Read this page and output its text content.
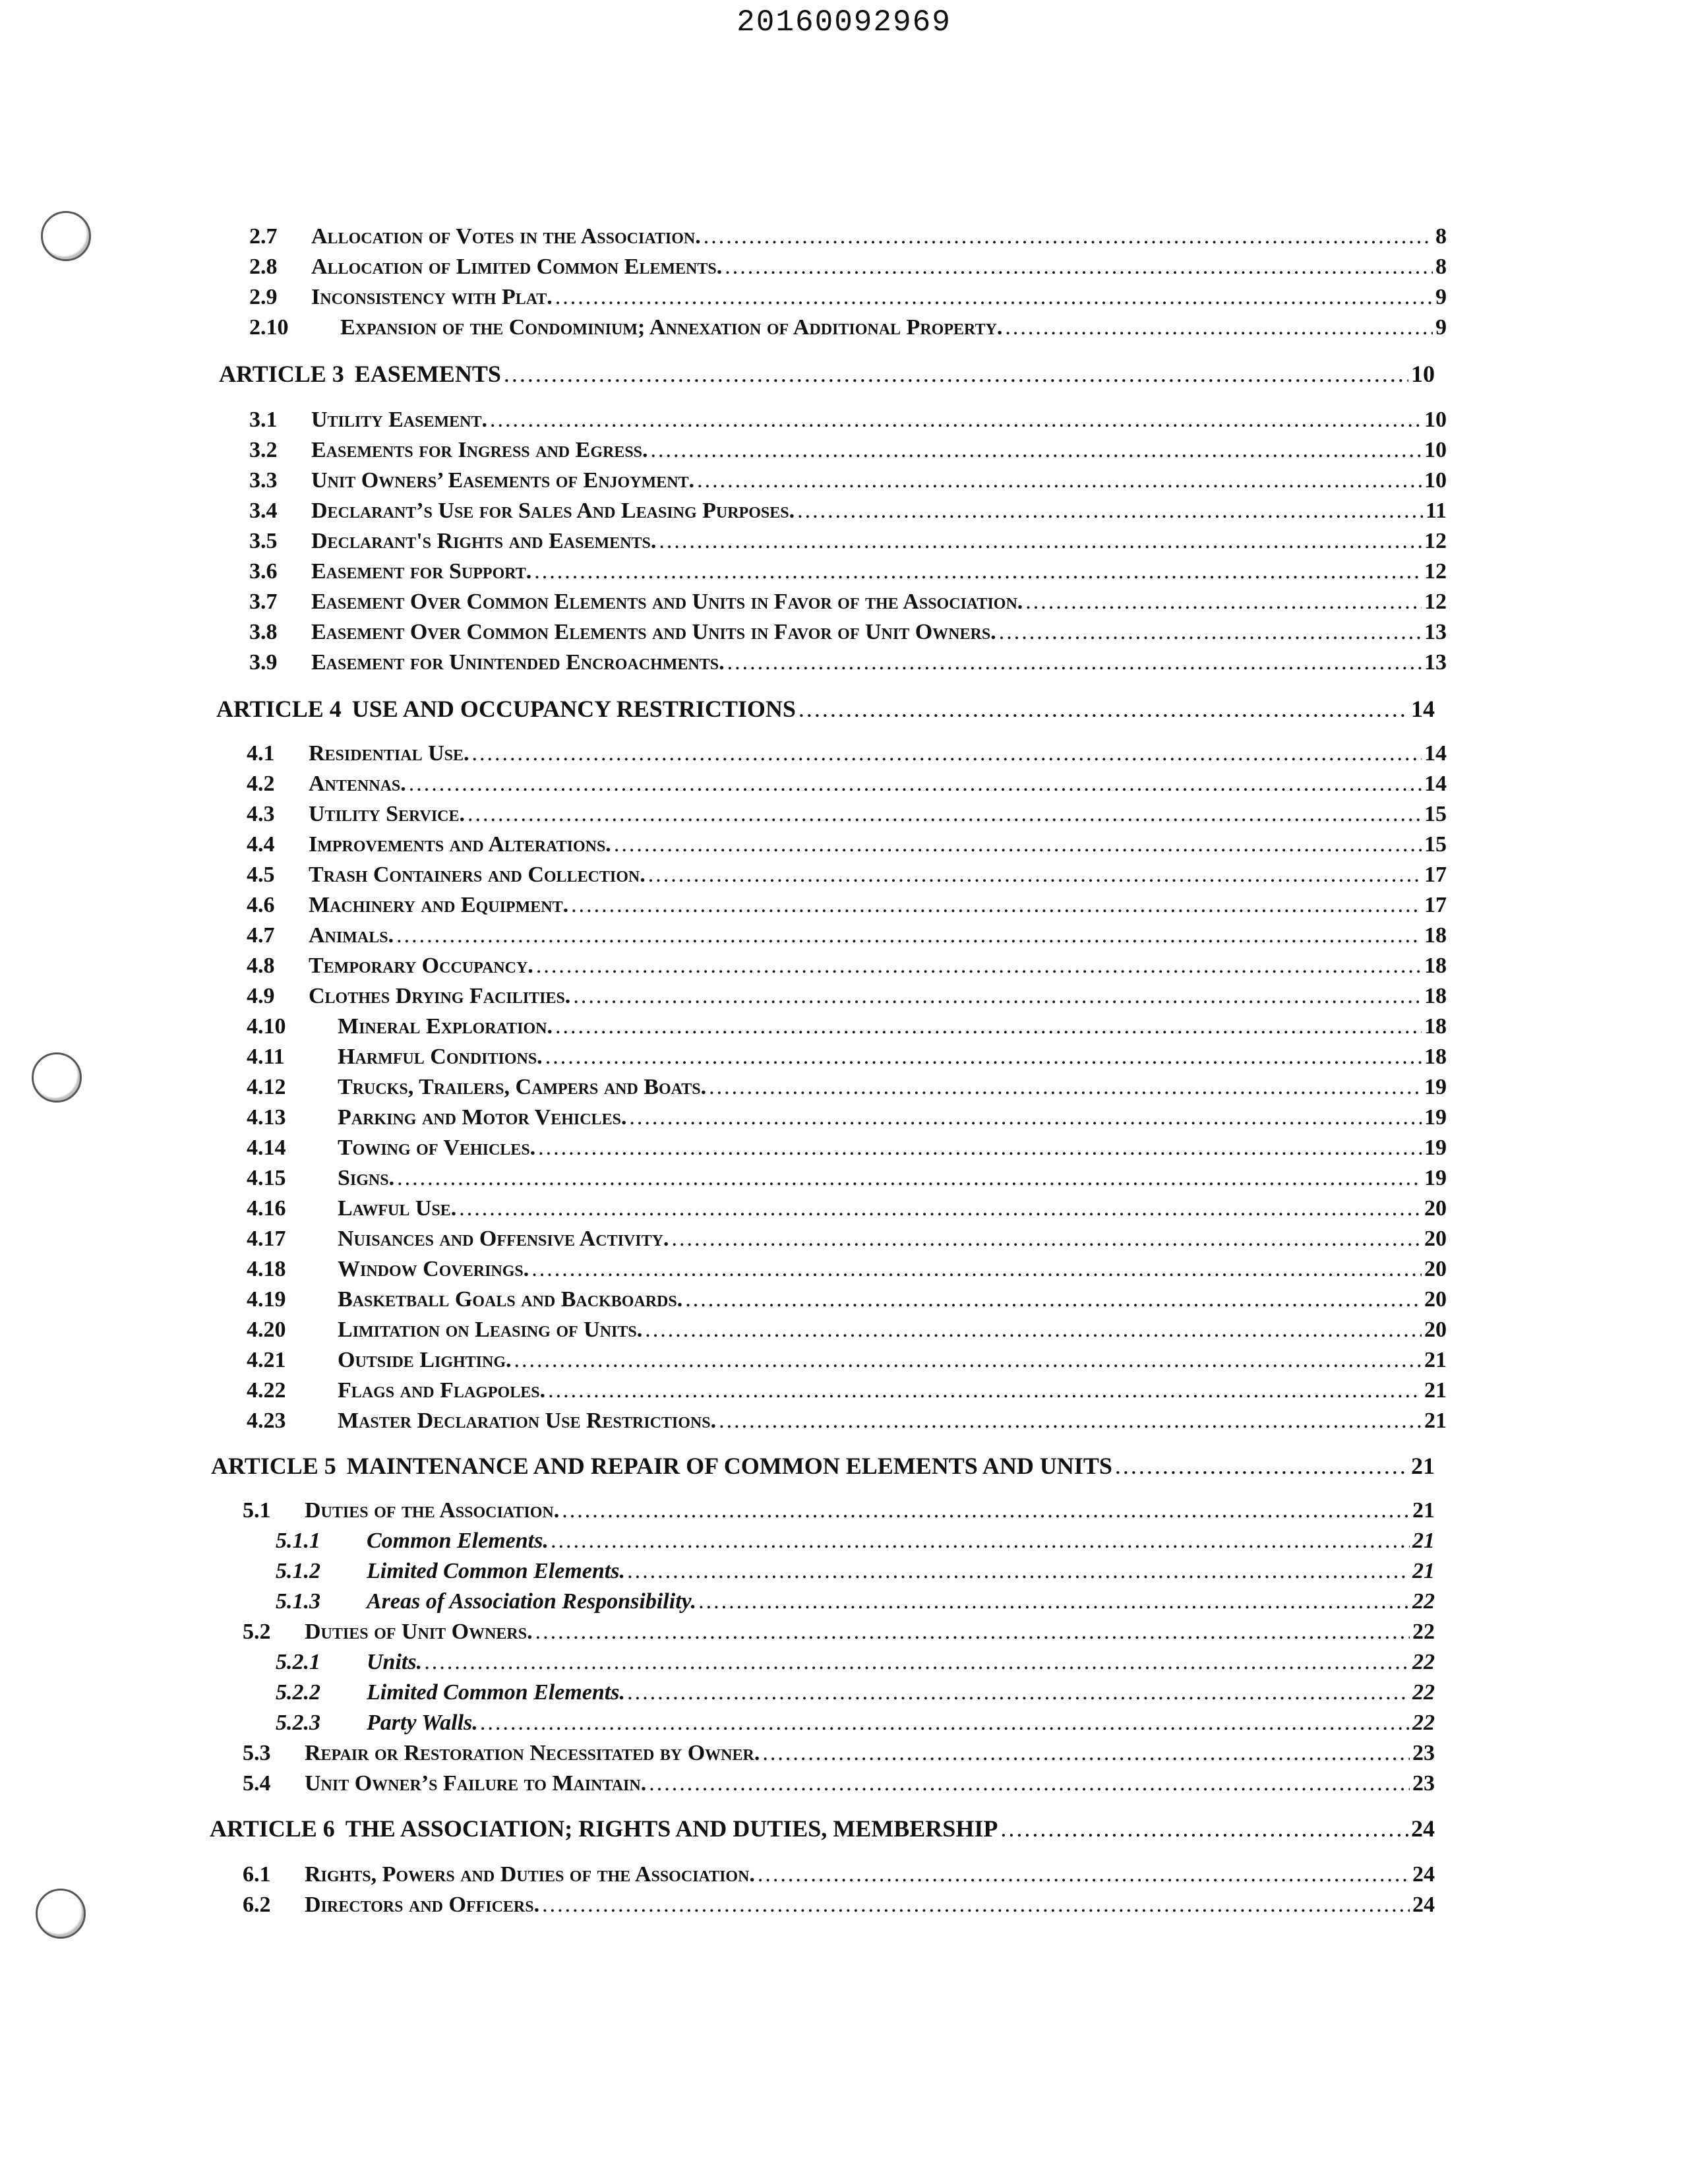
20160092969
2.7	Allocation of Votes in the Association. .....	8
2.8	Allocation of Limited Common Elements. .....	8
2.9	Inconsistency with Plat. .....	9
2.10	Expansion of the Condominium; Annexation of Additional Property. .....	9
ARTICLE 3 EASEMENTS .....	10
3.1	Utility Easement. .....	10
3.2	Easements for Ingress and Egress. .....	10
3.3	Unit Owners’ Easements of Enjoyment. .....	10
3.4	Declarant’s Use for Sales And Leasing Purposes. .....	11
3.5	Declarant's Rights and Easements. .....	12
3.6	Easement for Support. .....	12
3.7	Easement Over Common Elements and Units in Favor of the Association. .....	12
3.8	Easement Over Common Elements and Units in Favor of Unit Owners. .....	13
3.9	Easement for Unintended Encroachments. .....	13
ARTICLE 4 USE AND OCCUPANCY RESTRICTIONS .....	14
4.1	Residential Use. .....	14
4.2	Antennas. .....	14
4.3	Utility Service. .....	15
4.4	Improvements and Alterations. .....	15
4.5	Trash Containers and Collection. .....	17
4.6	Machinery and Equipment. .....	17
4.7	Animals. .....	18
4.8	Temporary Occupancy. .....	18
4.9	Clothes Drying Facilities. .....	18
4.10	Mineral Exploration. .....	18
4.11	Harmful Conditions. .....	18
4.12	Trucks, Trailers, Campers and Boats. .....	19
4.13	Parking and Motor Vehicles. .....	19
4.14	Towing of Vehicles. .....	19
4.15	Signs. .....	19
4.16	Lawful Use. .....	20
4.17	Nuisances and Offensive Activity. .....	20
4.18	Window Coverings. .....	20
4.19	Basketball Goals and Backboards. .....	20
4.20	Limitation on Leasing of Units. .....	20
4.21	Outside Lighting. .....	21
4.22	Flags and Flagpoles. .....	21
4.23	Master Declaration Use Restrictions. .....	21
ARTICLE 5 MAINTENANCE AND REPAIR OF COMMON ELEMENTS AND UNITS .....	21
5.1	Duties of the Association. .....	21
5.1.1	Common Elements. .....	21
5.1.2	Limited Common Elements. .....	21
5.1.3	Areas of Association Responsibility. .....	22
5.2	Duties of Unit Owners. .....	22
5.2.1	Units. .....	22
5.2.2	Limited Common Elements. .....	22
5.2.3	Party Walls. .....	22
5.3	Repair or Restoration Necessitated by Owner. .....	23
5.4	Unit Owner’s Failure to Maintain. .....	23
ARTICLE 6 THE ASSOCIATION; RIGHTS AND DUTIES, MEMBERSHIP .....	24
6.1	Rights, Powers and Duties of the Association. .....	24
6.2	Directors and Officers. .....	24
